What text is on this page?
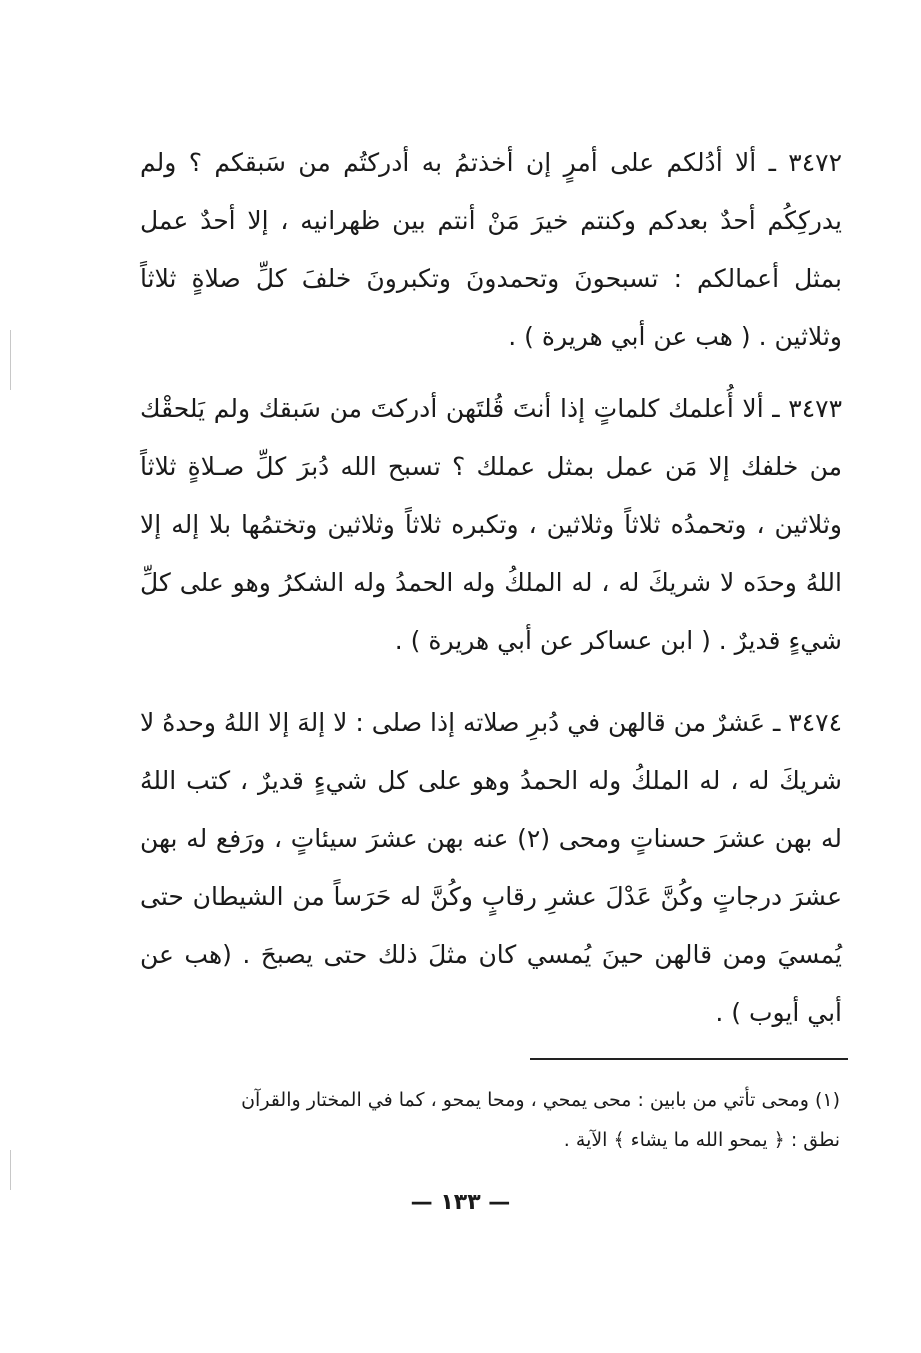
٣٤٧٢ ـ ألا أدُلكم على أمرٍ إن أخذتمُ به أدركتُم من سَبقكم ؟ ولم يدركِكُم أحدٌ بعدكم وكنتم خيرَ مَنْ أنتم بين ظهرانيه ، إلا أحدٌ عمل بمثل أعمالكم : تسبحونَ وتحمدونَ وتكبرونَ خلفَ كلِّ صلاةٍ ثلاثاً وثلاثين . ( هب عن أبي هريرة ) .

٣٤٧٣ ـ ألا أُعلمك كلماتٍ إذا أنتَ قُلتَهن أدركتَ من سَبقك ولم يَلحقْك من خلفك إلا مَن عمل بمثل عملك ؟ تسبح الله دُبرَ كلِّ صـلاةٍ ثلاثاً وثلاثين ، وتحمدُه ثلاثاً وثلاثين ، وتكبره ثلاثاً وثلاثين وتختمُها بلا إله إلا اللهُ وحدَه لا شريكَ له ، له الملكُ وله الحمدُ وله الشكرُ وهو على كلِّ شيءٍ قديرٌ . ( ابن عساكر عن أبي هريرة ) .

٣٤٧٤ ـ عَشرٌ من قالهن في دُبرِ صلاته إذا صلى : لا إلهَ إلا اللهُ وحدهُ لا شريكَ له ، له الملكُ وله الحمدُ وهو على كل شيءٍ قديرٌ ، كتب اللهُ له بهن عشرَ حسناتٍ ومحى (٢) عنه بهن عشرَ سيئاتٍ ، ورَفع له بهن عشرَ درجاتٍ وكُنَّ عَدْلَ عشرِ رقابٍ وكُنَّ له حَرَساً من الشيطان حتى يُمسيَ ومن قالهن حينَ يُمسي كان مثلَ ذلك حتى يصبحَ . (هب عن أبي أيوب ) .

(١) ومحى تأتي من بابين : محى يمحي ، ومحا يمحو ، كما في المختار والقرآن
نطق : ﴿ يمحو الله ما يشاء ﴾ الآية .

— ١٣٣ —
